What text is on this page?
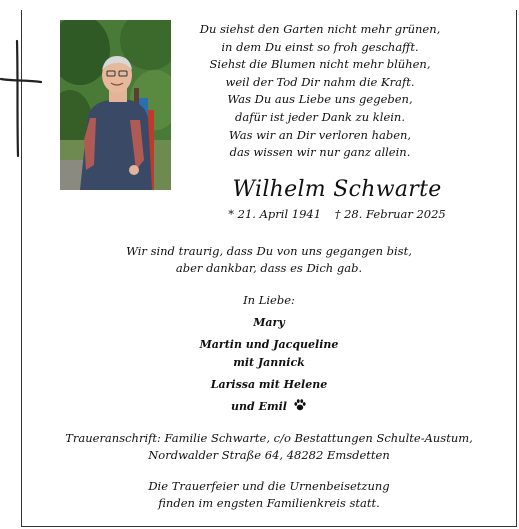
Du siehst den Garten nicht mehr grünen,
in dem Du einst so froh geschafft.
Siehst die Blumen nicht mehr blühen,
weil der Tod Dir nahm die Kraft.
Was Du aus Liebe uns gegeben,
dafür ist jeder Dank zu klein.
Was wir an Dir verloren haben,
das wissen wir nur ganz allein.
Wilhelm Schwarte
* 21. April 1941 † 28. Februar 2025
Wir sind traurig, dass Du von uns gegangen bist,
aber dankbar, dass es Dich gab.
In Liebe:
Mary
Martin und Jacqueline
mit Jannick
Larissa mit Helene
und Emil
Traueranschrift: Familie Schwarte, c/o Bestattungen Schulte-Austum,
Nordwalder Straße 64, 48282 Emsdetten
Die Trauerfeier und die Urnenbeisetzung
finden im engsten Familienkreis statt.
